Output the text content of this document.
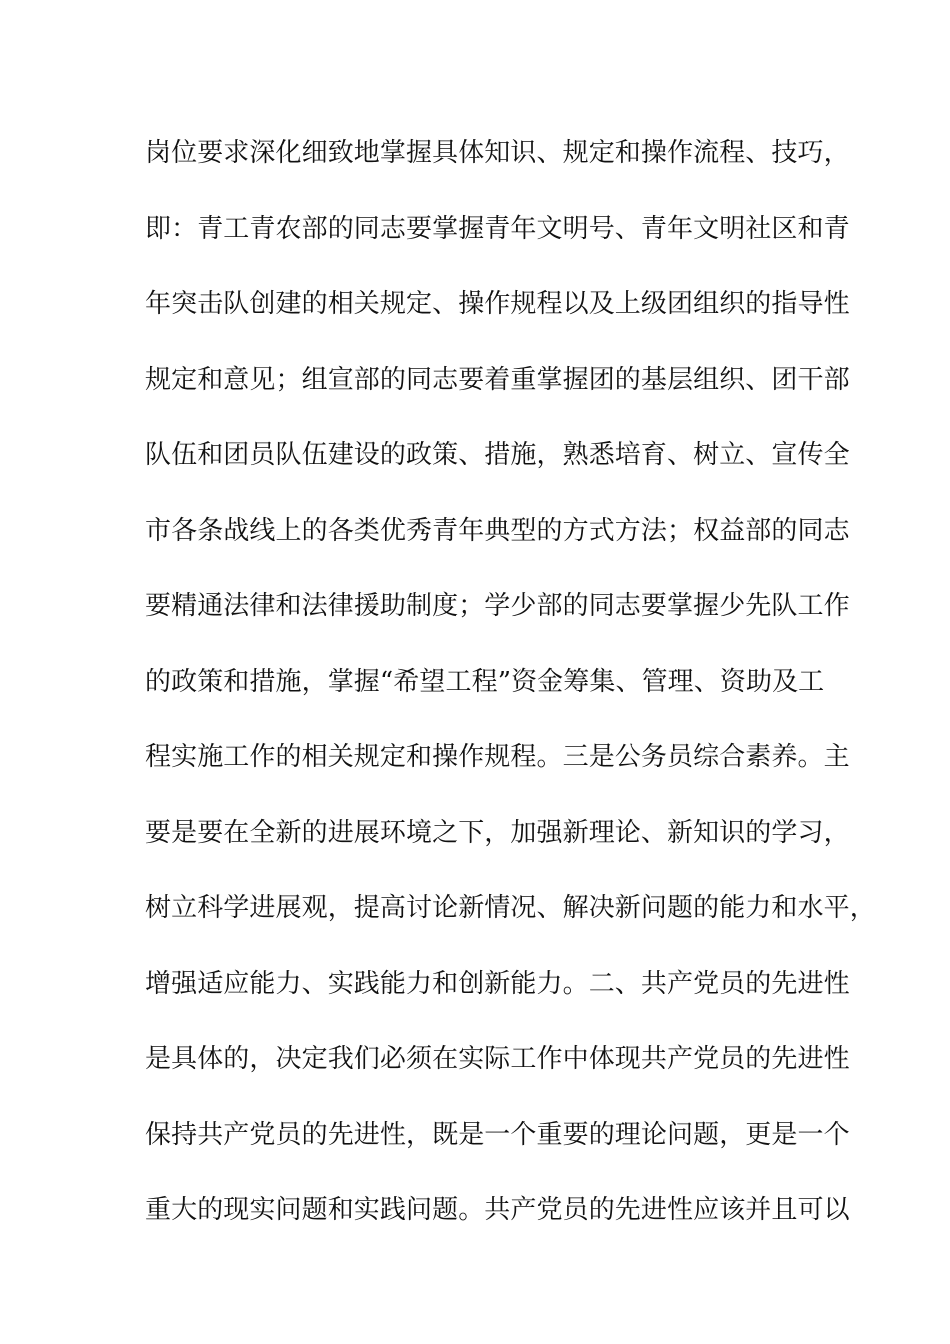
岗位要求深化细致地掌握具体知识、规定和操作流程、技巧，
即：青工青农部的同志要掌握青年文明号、青年文明社区和青
年突击队创建的相关规定、操作规程以及上级团组织的指导性
规定和意见；组宣部的同志要着重掌握团的基层组织、团干部
队伍和团员队伍建设的政策、措施，熟悉培育、树立、宣传全
市各条战线上的各类优秀青年典型的方式方法；权益部的同志
要精通法律和法律援助制度；学少部的同志要掌握少先队工作
的政策和措施，掌握“希望工程”资金筹集、管理、资助及工
程实施工作的相关规定和操作规程。三是公务员综合素养。主
要是要在全新的进展环境之下，加强新理论、新知识的学习，
树立科学进展观，提高讨论新情况、解决新问题的能力和水平，
增强适应能力、实践能力和创新能力。二、共产党员的先进性
是具体的，决定我们必须在实际工作中体现共产党员的先进性
保持共产党员的先进性，既是一个重要的理论问题，更是一个
重大的现实问题和实践问题。共产党员的先进性应该并且可以
